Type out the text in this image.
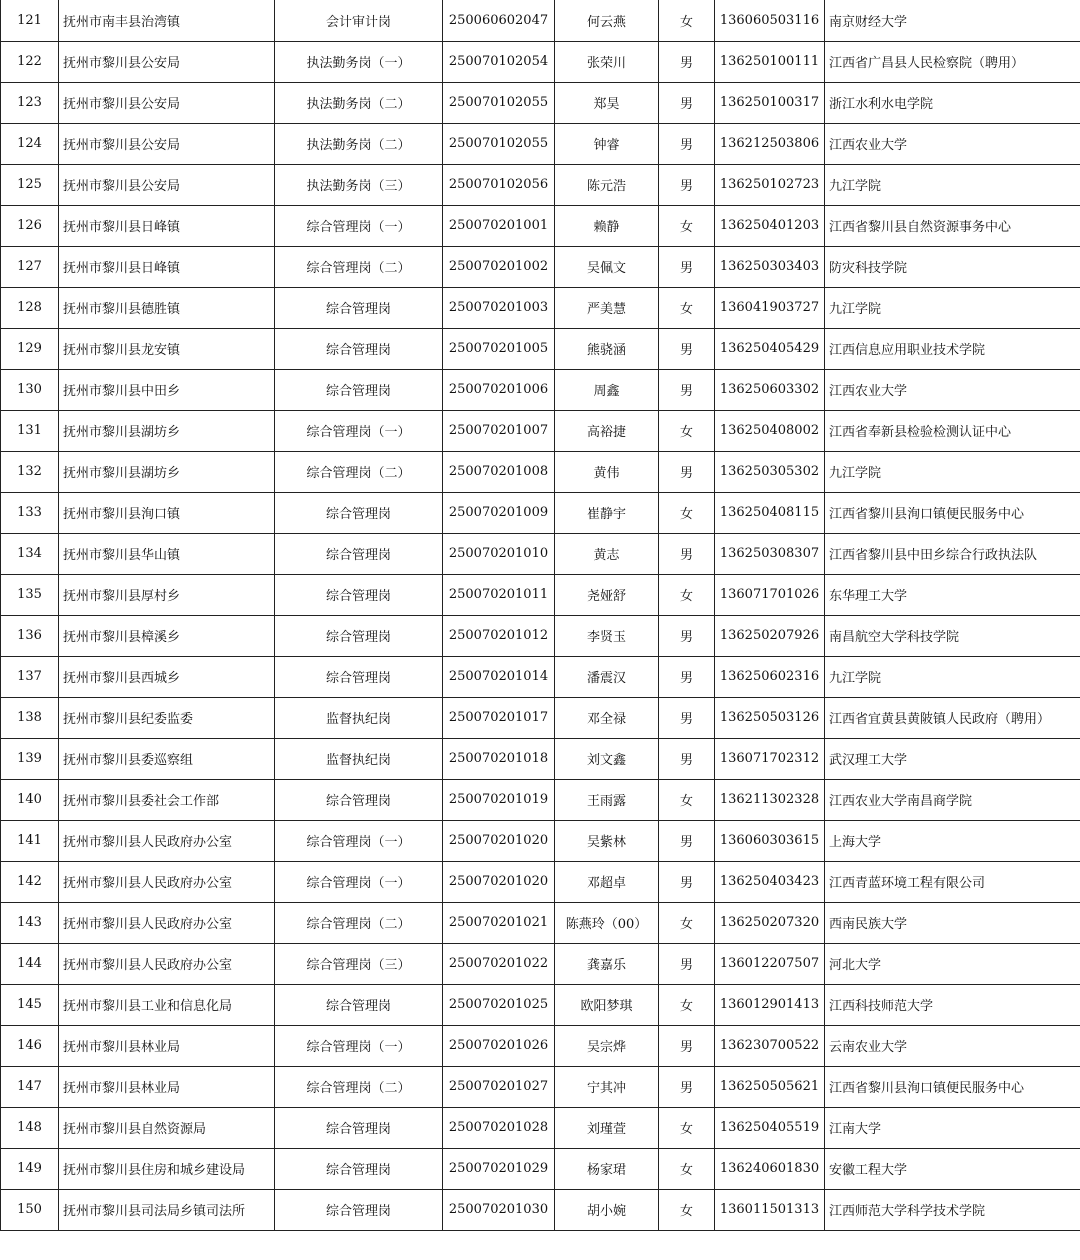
121	抚州市南丰县治湾镇	会计审计岗	250060602047	何云燕	女	136060503116	南京财经大学
122	抚州市黎川县公安局	执法勤务岗（一）	250070102054	张荣川	男	136250100111	江西省广昌县人民检察院（聘用）
123	抚州市黎川县公安局	执法勤务岗（二）	250070102055	郑昊	男	136250100317	浙江水利水电学院
124	抚州市黎川县公安局	执法勤务岗（二）	250070102055	钟睿	男	136212503806	江西农业大学
125	抚州市黎川县公安局	执法勤务岗（三）	250070102056	陈元浩	男	136250102723	九江学院
126	抚州市黎川县日峰镇	综合管理岗（一）	250070201001	赖静	女	136250401203	江西省黎川县自然资源事务中心
127	抚州市黎川县日峰镇	综合管理岗（二）	250070201002	吴佩文	男	136250303403	防灾科技学院
128	抚州市黎川县德胜镇	综合管理岗	250070201003	严美慧	女	136041903727	九江学院
129	抚州市黎川县龙安镇	综合管理岗	250070201005	熊骁涵	男	136250405429	江西信息应用职业技术学院
130	抚州市黎川县中田乡	综合管理岗	250070201006	周鑫	男	136250603302	江西农业大学
131	抚州市黎川县湖坊乡	综合管理岗（一）	250070201007	高裕捷	女	136250408002	江西省奉新县检验检测认证中心
132	抚州市黎川县湖坊乡	综合管理岗（二）	250070201008	黄伟	男	136250305302	九江学院
133	抚州市黎川县洵口镇	综合管理岗	250070201009	崔静宇	女	136250408115	江西省黎川县洵口镇便民服务中心
134	抚州市黎川县华山镇	综合管理岗	250070201010	黄志	男	136250308307	江西省黎川县中田乡综合行政执法队
135	抚州市黎川县厚村乡	综合管理岗	250070201011	尧娅舒	女	136071701026	东华理工大学
136	抚州市黎川县樟溪乡	综合管理岗	250070201012	李贤玉	男	136250207926	南昌航空大学科技学院
137	抚州市黎川县西城乡	综合管理岗	250070201014	潘震汉	男	136250602316	九江学院
138	抚州市黎川县纪委监委	监督执纪岗	250070201017	邓全禄	男	136250503126	江西省宜黄县黄陂镇人民政府（聘用）
139	抚州市黎川县委巡察组	监督执纪岗	250070201018	刘文鑫	男	136071702312	武汉理工大学
140	抚州市黎川县委社会工作部	综合管理岗	250070201019	王雨露	女	136211302328	江西农业大学南昌商学院
141	抚州市黎川县人民政府办公室	综合管理岗（一）	250070201020	吴紫林	男	136060303615	上海大学
142	抚州市黎川县人民政府办公室	综合管理岗（一）	250070201020	邓超卓	男	136250403423	江西青蓝环境工程有限公司
143	抚州市黎川县人民政府办公室	综合管理岗（二）	250070201021	陈燕玲（00）	女	136250207320	西南民族大学
144	抚州市黎川县人民政府办公室	综合管理岗（三）	250070201022	龚嘉乐	男	136012207507	河北大学
145	抚州市黎川县工业和信息化局	综合管理岗	250070201025	欧阳梦琪	女	136012901413	江西科技师范大学
146	抚州市黎川县林业局	综合管理岗（一）	250070201026	吴宗烨	男	136230700522	云南农业大学
147	抚州市黎川县林业局	综合管理岗（二）	250070201027	宁其冲	男	136250505621	江西省黎川县洵口镇便民服务中心
148	抚州市黎川县自然资源局	综合管理岗	250070201028	刘瑾萱	女	136250405519	江南大学
149	抚州市黎川县住房和城乡建设局	综合管理岗	250070201029	杨家珺	女	136240601830	安徽工程大学
150	抚州市黎川县司法局乡镇司法所	综合管理岗	250070201030	胡小婉	女	136011501313	江西师范大学科学技术学院
